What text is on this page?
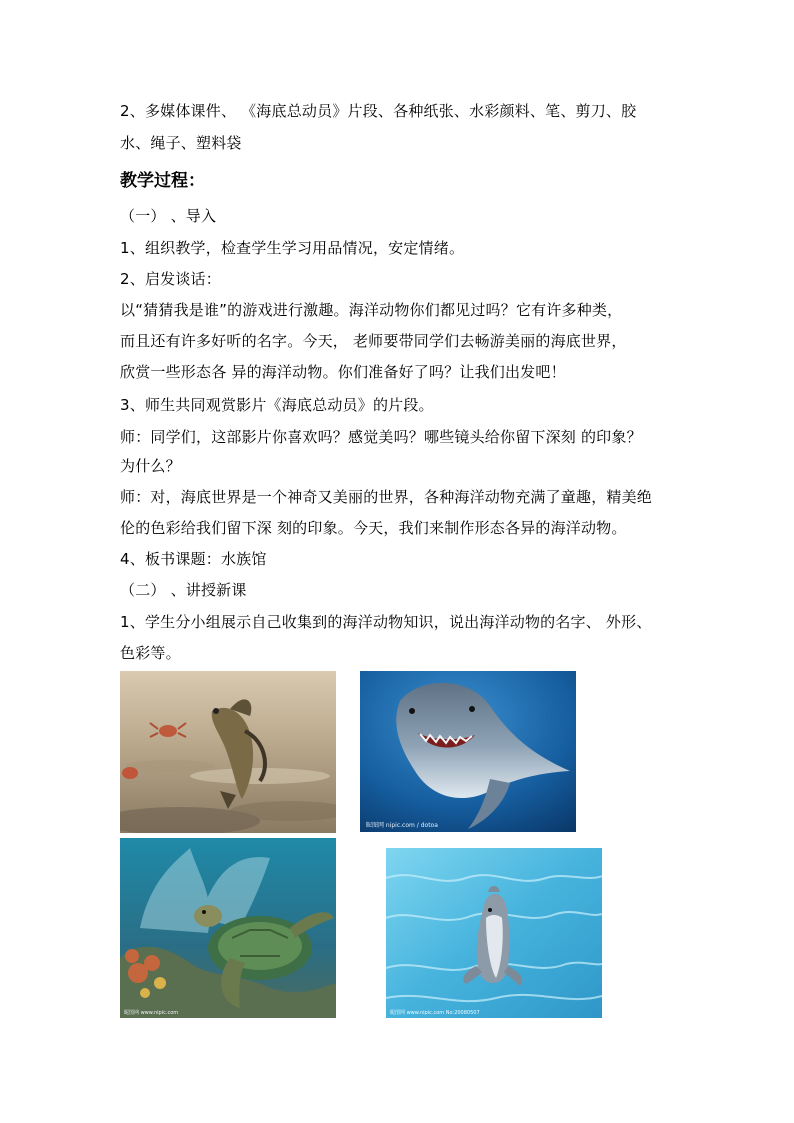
2、多媒体课件、 《海底总动员》片段、各种纸张、水彩颜料、笔、剪刀、胶
水、绳子、塑料袋
教学过程：
（一） 、导入
1、组织教学，检查学生学习用品情况，安定情绪。
2、启发谈话：
以“猜猜我是谁”的游戏进行激趣。海洋动物你们都见过吗？它有许多种类，
而且还有许多好听的名字。今天， 老师要带同学们去畅游美丽的海底世界，
欣赏一些形态各 异的海洋动物。你们准备好了吗？让我们出发吧！
3、师生共同观赏影片《海底总动员》的片段。
师：同学们，这部影片你喜欢吗？感觉美吗？哪些镜头给你留下深刻 的印象？
为什么？
师：对，海底世界是一个神奇又美丽的世界，各种海洋动物充满了童趣，精美绝
伦的色彩给我们留下深 刻的印象。今天，我们来制作形态各异的海洋动物。
4、板书课题：水族馆
（二） 、讲授新课
1、学生分小组展示自己收集到的海洋动物知识，说出海洋动物的名字、 外形、
色彩等。
昵图网 nipic.com / dotoa
昵图网 www.nipic.com	昵图网 www.nipic.com No:20080507
